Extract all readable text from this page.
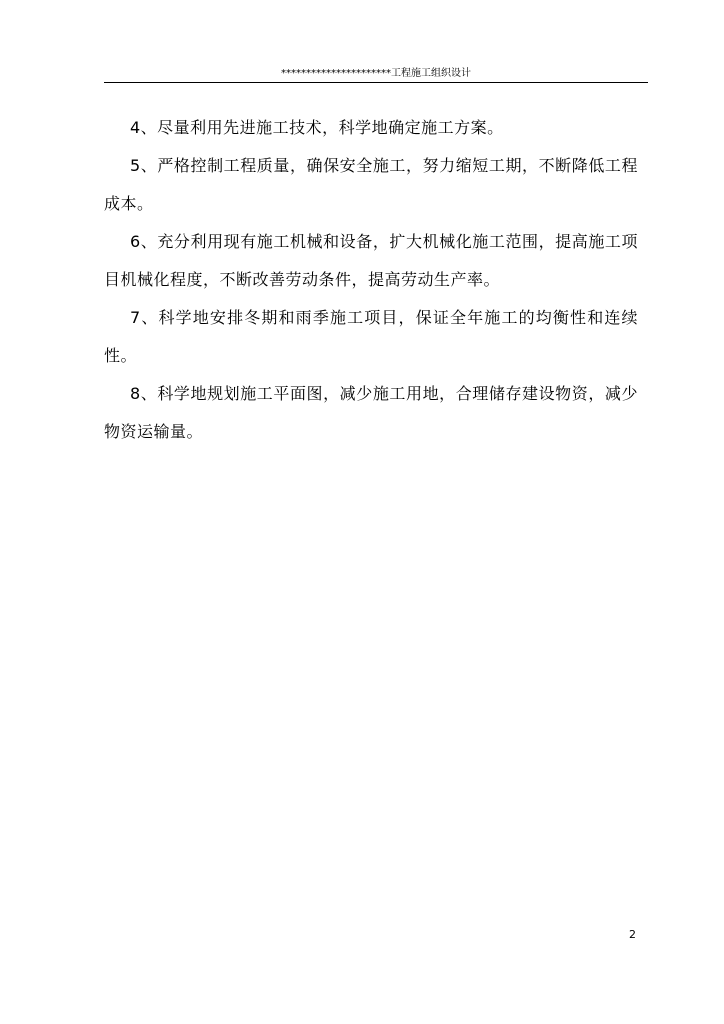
**********************工程施工组织设计

4、尽量利用先进施工技术，科学地确定施工方案。

5、严格控制工程质量，确保安全施工，努力缩短工期，不断降低工程成本。

6、充分利用现有施工机械和设备，扩大机械化施工范围，提高施工项目机械化程度，不断改善劳动条件，提高劳动生产率。

7、科学地安排冬期和雨季施工项目，保证全年施工的均衡性和连续性。

8、科学地规划施工平面图，减少施工用地，合理储存建设物资，减少物资运输量。

2
